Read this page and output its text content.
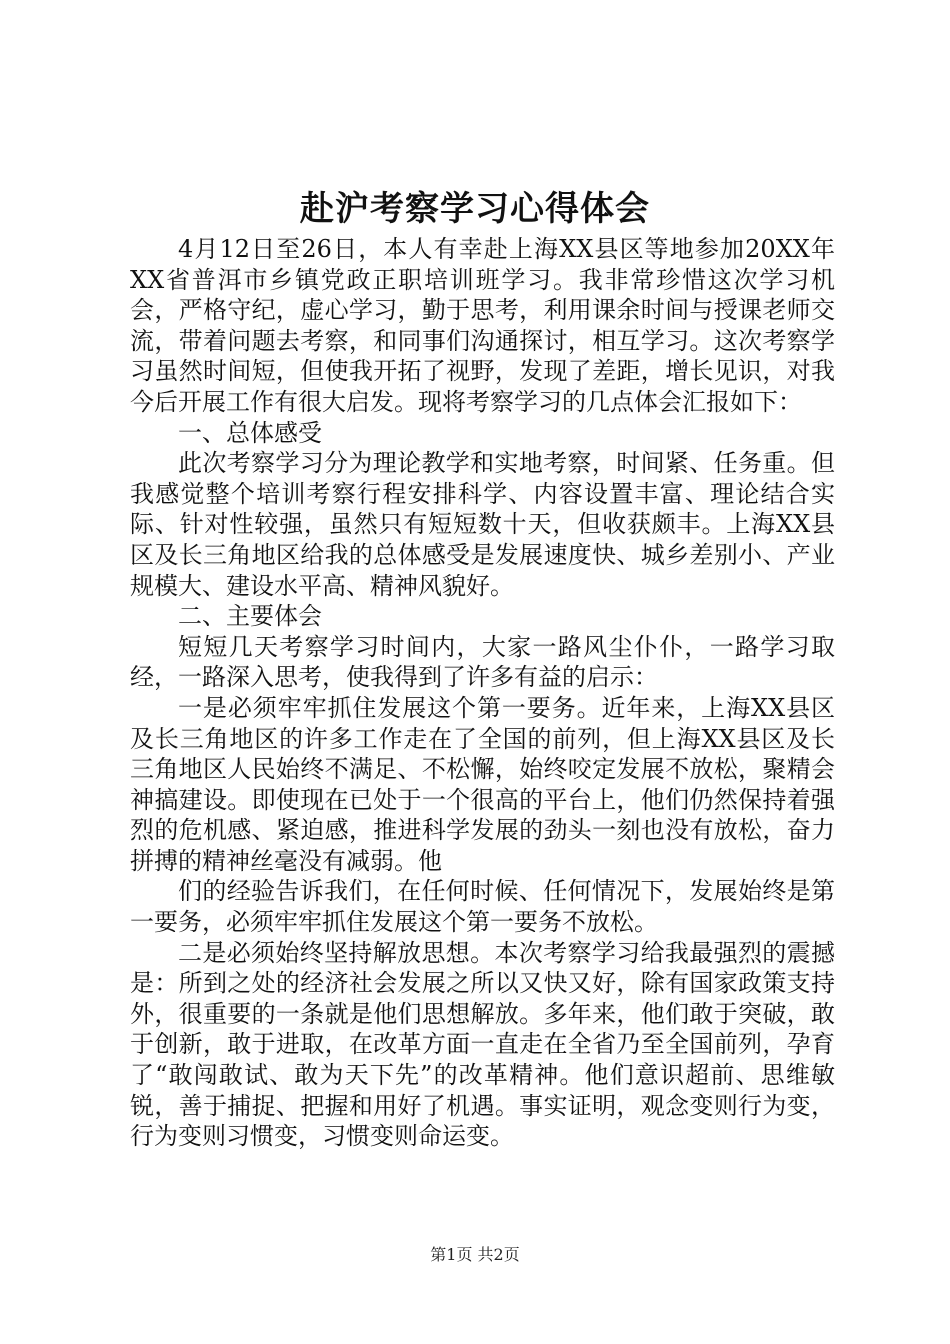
赴沪考察学习心得体会

4月12日至26日，本人有幸赴上海XX县区等地参加20XX年XX省普洱市乡镇党政正职培训班学习。我非常珍惜这次学习机会，严格守纪，虚心学习，勤于思考，利用课余时间与授课老师交流，带着问题去考察，和同事们沟通探讨，相互学习。这次考察学习虽然时间短，但使我开拓了视野，发现了差距，增长见识，对我今后开展工作有很大启发。现将考察学习的几点体会汇报如下：

一、总体感受

此次考察学习分为理论教学和实地考察，时间紧、任务重。但我感觉整个培训考察行程安排科学、内容设置丰富、理论结合实际、针对性较强，虽然只有短短数十天，但收获颇丰。上海XX县区及长三角地区给我的总体感受是发展速度快、城乡差别小、产业规模大、建设水平高、精神风貌好。

二、主要体会

短短几天考察学习时间内，大家一路风尘仆仆，一路学习取经，一路深入思考，使我得到了许多有益的启示：

一是必须牢牢抓住发展这个第一要务。近年来，上海XX县区及长三角地区的许多工作走在了全国的前列，但上海XX县区及长三角地区人民始终不满足、不松懈，始终咬定发展不放松，聚精会神搞建设。即使现在已处于一个很高的平台上，他们仍然保持着强烈的危机感、紧迫感，推进科学发展的劲头一刻也没有放松，奋力拼搏的精神丝毫没有减弱。他

们的经验告诉我们，在任何时候、任何情况下，发展始终是第一要务，必须牢牢抓住发展这个第一要务不放松。

二是必须始终坚持解放思想。本次考察学习给我最强烈的震撼是：所到之处的经济社会发展之所以又快又好，除有国家政策支持外，很重要的一条就是他们思想解放。多年来，他们敢于突破，敢于创新，敢于进取，在改革方面一直走在全省乃至全国前列，孕育了“敢闯敢试、敢为天下先”的改革精神。他们意识超前、思维敏锐，善于捕捉、把握和用好了机遇。事实证明，观念变则行为变，行为变则习惯变，习惯变则命运变。

第1页 共2页
